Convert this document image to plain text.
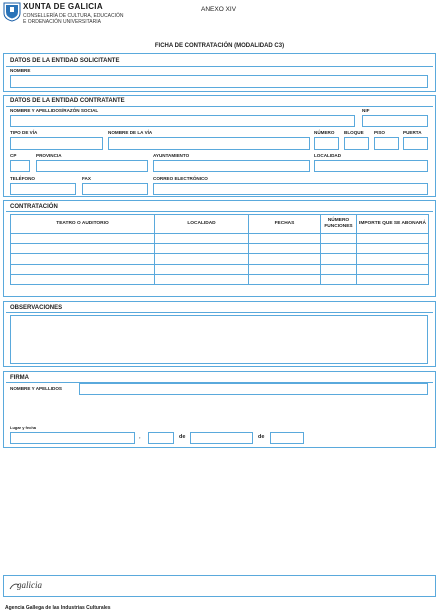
XUNTA DE GALICIA
CONSELLERÍA DE CULTURA, EDUCACIÓN
E ORDENACIÓN UNIVERSITARIA
ANEXO XIV
FICHA DE CONTRATACIÓN (MODALIDAD C3)
DATOS DE LA ENTIDAD SOLICITANTE
NOMBRE
DATOS DE LA ENTIDAD CONTRATANTE
NOMBRE Y APELLIDOS/RAZÓN SOCIAL	NIF
TIPO DE VÍA	NOMBRE DE LA VÍA	NÚMERO BLOQUE PISO	PUERTA
CP	PROVINCIA	AYUNTAMIENTO	LOCALIDAD
TELÉFONO	FAX	CORREO ELECTRÓNICO
CONTRATACIÓN
TEATRO O AUDITORIO	LOCALIDAD	FECHAS	NÚMERO FUNCIONES	IMPORTE QUE SE ABONARÁ

OBSERVACIONES
FIRMA
NOMBRE Y APELLIDOS
Lugar y fecha
,	de	de
galicia
Agencia Gallega de las Industrias Culturales
